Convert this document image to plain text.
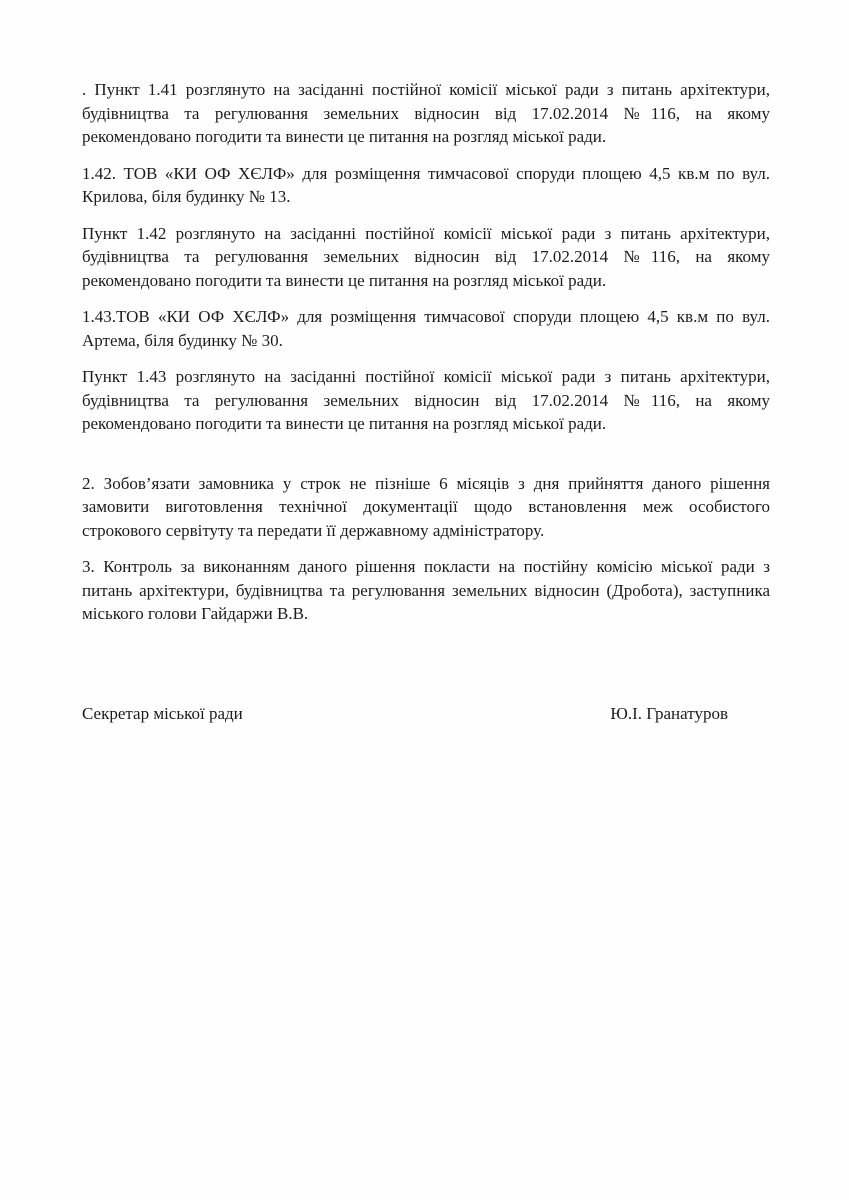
. Пункт 1.41 розглянуто на засіданні постійної комісії міської ради з питань архітектури, будівництва та регулювання земельних відносин від 17.02.2014 №116, на якому рекомендовано погодити та винести це питання на розгляд міської ради.

1.42. ТОВ «КИ ОФ ХЄЛФ» для розміщення тимчасової споруди площею 4,5 кв.м по вул. Крилова, біля будинку № 13.

Пункт 1.42 розглянуто на засіданні постійної комісії міської ради з питань архітектури, будівництва та регулювання земельних відносин від 17.02.2014 №116, на якому рекомендовано погодити та винести це питання на розгляд міської ради.

1.43.ТОВ «КИ ОФ ХЄЛФ» для розміщення тимчасової споруди площею 4,5 кв.м по вул. Артема, біля будинку № 30.

Пункт 1.43 розглянуто на засіданні постійної комісії міської ради з питань архітектури, будівництва та регулювання земельних відносин від 17.02.2014 №116, на якому рекомендовано погодити та винести це питання на розгляд міської ради.

2. Зобов’язати замовника у строк не пізніше 6 місяців з дня прийняття даного рішення замовити виготовлення технічної документації щодо встановлення меж особистого строкового сервітуту та передати її державному адміністратору.

3. Контроль за виконанням даного рішення покласти на постійну комісію міської ради з питань архітектури, будівництва та регулювання земельних відносин (Дробота), заступника міського голови Гайдаржи В.В.

Секретар міської ради	Ю.І. Гранатуров
